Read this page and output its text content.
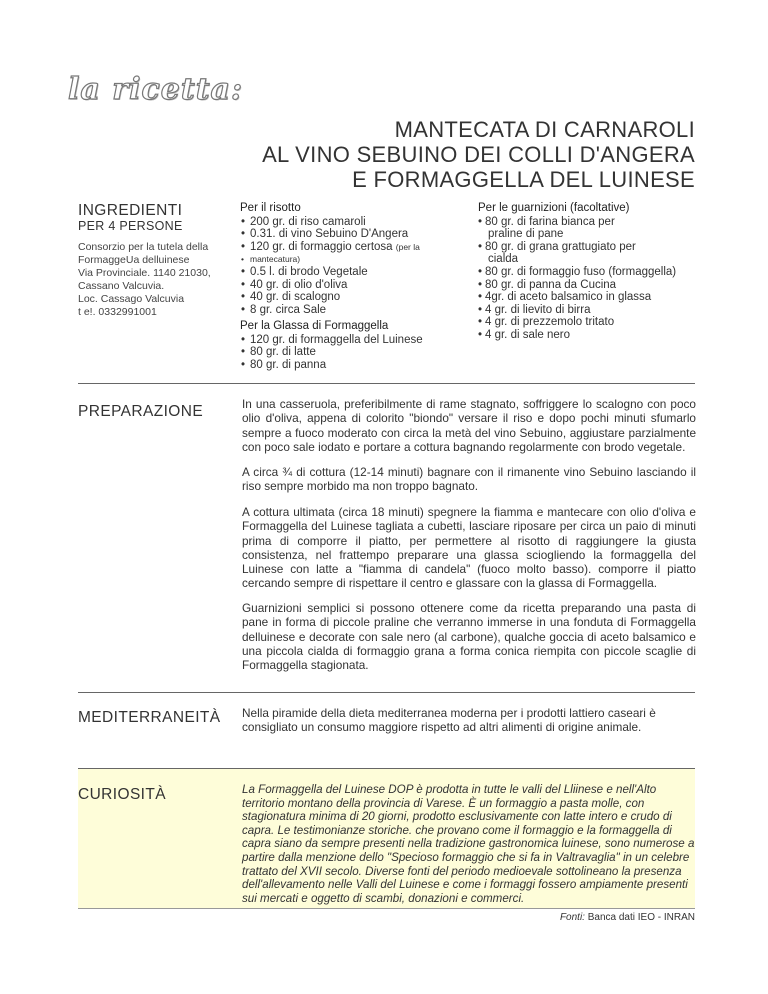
la ricetta:
MANTECATA DI CARNAROLI
AL VINO SEBUINO DEI COLLI D'ANGERA
E FORMAGGELLA DEL LUINESE
INGREDIENTI
PER 4 PERSONE
Consorzio per la tutela della
FormaggeUa delluinese
Via Provinciale. 1140 21030,
Cassano Valcuvia.
Loc. Cassago Valcuvia
t e!. 0332991001
Per il risotto
• 200 gr. di riso camaroli
• 0.31. di vino Sebuino D'Angera
• 120 gr. di formaggio certosa (per la
• mantecatura)
• 0.5 l. di brodo Vegetale
• 40 gr. di olio d'oliva
• 40 gr. di scalogno
• 8 gr. circa Sale
Per la Glassa di Formaggella
• 120 gr. di formaggella del Luinese
• 80 gr. di latte
• 80 gr. di panna
Per le guarnizioni (facoltative)
• 80 gr. di farina bianca per
praline di pane
• 80 gr. di grana grattugiato per
cialda
• 80 gr. di formaggio fuso (formaggella)
• 80 gr. di panna da Cucina
• 4gr. di aceto balsamico in glassa
• 4 gr. di lievito di birra
• 4 gr. di prezzemolo tritato
• 4 gr. di sale nero
PREPARAZIONE	In una casseruola, preferibilmente di rame stagnato, soffriggere lo scalogno con poco olio d'oliva, appena di colorito "biondo" versare il riso e dopo pochi minuti sfumarlo sempre a fuoco moderato con circa la metà del vino Sebuino, aggiustare parzialmente con poco sale iodato e portare a cottura bagnando regolarmente con brodo vegetale.
A circa ¾ di cottura (12-14 minuti) bagnare con il rimanente vino Sebuino lasciando il riso sempre morbido ma non troppo bagnato.
A cottura ultimata (circa 18 minuti) spegnere la fiamma e mantecare con olio d'oliva e Formaggella del Luinese tagliata a cubetti, lasciare riposare per circa un paio di minuti prima di comporre il piatto, per permettere al risotto di raggiungere la giusta consistenza, nel frattempo preparare una glassa sciogliendo la formaggella del Luinese con latte a "fiamma di candela" (fuoco molto basso). comporre il piatto cercando sempre di rispettare il centro e glassare con la glassa di Formaggella.
Guarnizioni semplici si possono ottenere come da ricetta preparando una pasta di pane in forma di piccole praline che verranno immerse in una fonduta di Formaggella delluinese e decorate con sale nero (al carbone), qualche goccia di aceto balsamico e una piccola cialda di formaggio grana a forma conica riempita con piccole scaglie di Formaggella stagionata.
MEDITERRANEITÀ Nella piramide della dieta mediterranea moderna per i prodotti lattiero caseari è consigliato un consumo maggiore rispetto ad altri alimenti di origine animale.
CURIOSITÀ	La Formaggella del Luinese DOP è prodotta in tutte le valli del Lliinese e nell'Alto territorio montano della provincia di Varese. È un formaggio a pasta molle, con stagionatura minima di 20 giorni, prodotto esclusivamente con latte intero e crudo di capra. Le testimonianze storiche. che provano come il formaggio e la formaggella di capra siano da sempre presenti nella tradizione gastronomica luinese, sono numerose a partire dalla menzione dello "Specioso formaggio che si fa in Valtravaglia" in un celebre trattato del XVII secolo. Diverse fonti del periodo medioevale sottolineano la presenza dell'allevamento nelle Valli del Luinese e come i formaggi fossero ampiamente presenti sui mercati e oggetto di scambi, donazioni e commerci.
Fonti: Banca dati IEO - INRAN
